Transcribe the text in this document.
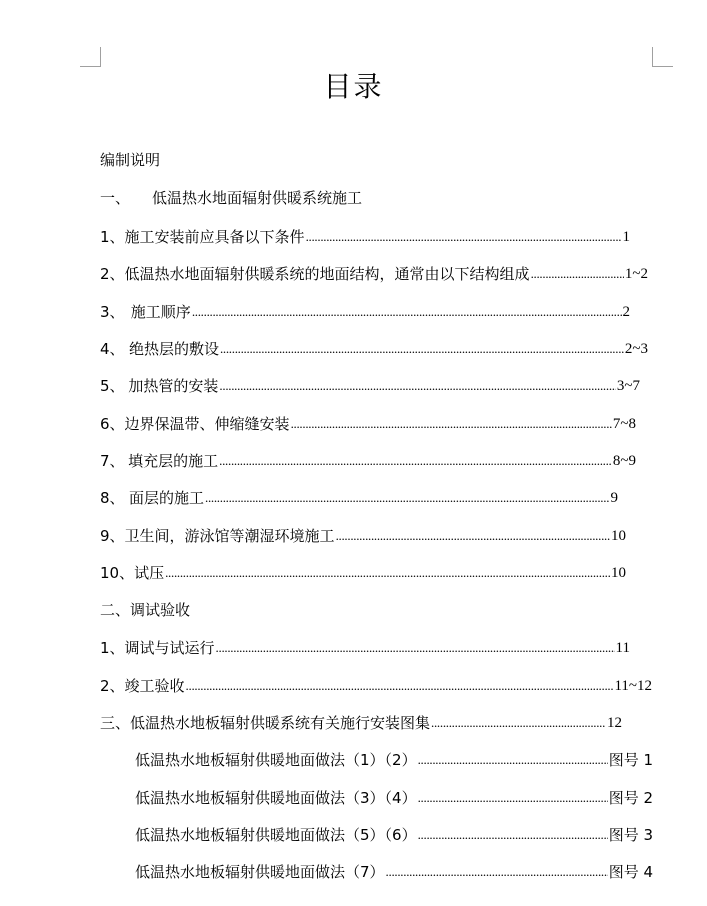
目录
编制说明
一、	低温热水地面辐射供暖系统施工
1、 施工安装前应具备以下条件 .....	1
2、 低温热水地面辐射供暖系统的地面结构，通常由以下结构组成 .....	1~2
3、 施工顺序 .....	2
4、 绝热层的敷设 .....	2~3
5、 加热管的安装 .....	3~7
6、 边界保温带、伸缩缝安装 .....	7~8
7、 填充层的施工 .....	8~9
8、 面层的施工 .....	9
9、 卫生间，游泳馆等潮湿环境施工 .....	10
10、 试压 .....	10
二、调试验收
1、调试与试运行 .....	11
2、竣工验收 .....	11~12
三、低温热水地板辐射供暖系统有关施行安装图集 .....	12
低温热水地板辐射供暖地面做法（1）（2） .....	图号 1
低温热水地板辐射供暖地面做法（3）（4） .....	图号 2
低温热水地板辐射供暖地面做法（5）（6） .....	图号 3
低温热水地板辐射供暖地面做法（7） .....	图号 4
